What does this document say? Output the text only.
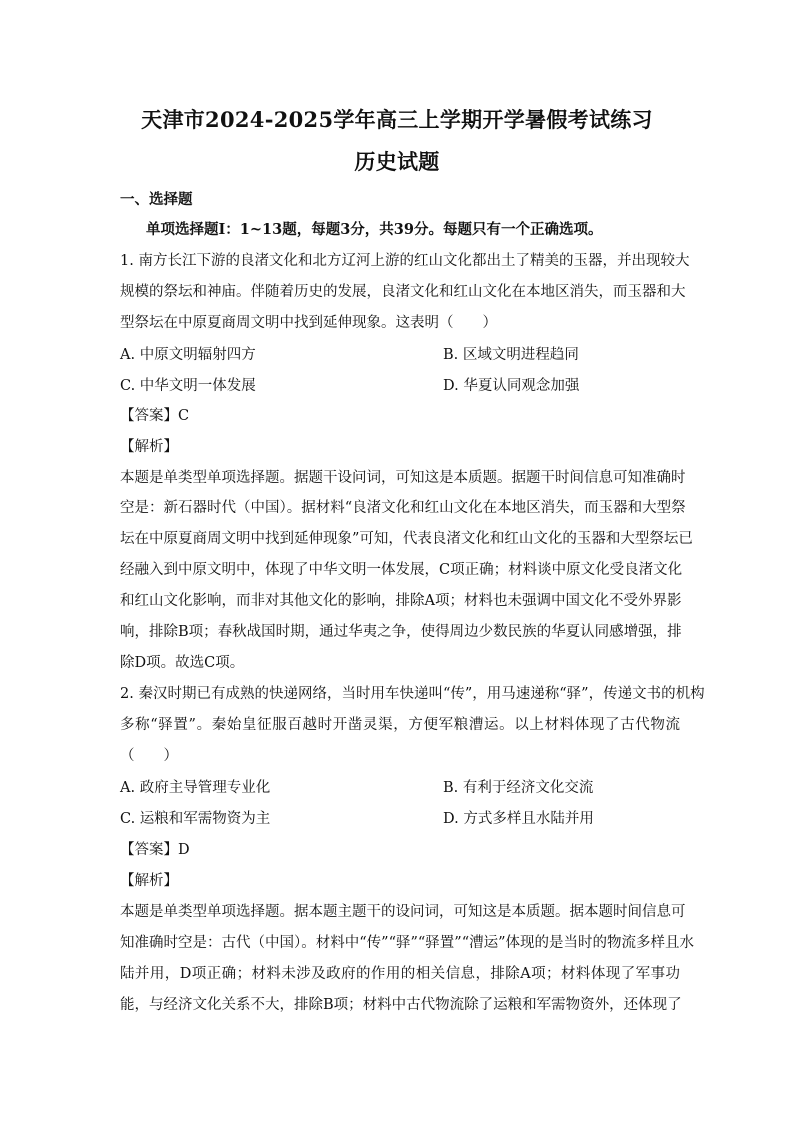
天津市2024-2025学年高三上学期开学暑假考试练习
历史试题
一、选择题
单项选择题Ⅰ：1~13题，每题3分，共39分。每题只有一个正确选项。
1. 南方长江下游的良渚文化和北方辽河上游的红山文化都出土了精美的玉器，并出现较大
规模的祭坛和神庙。伴随着历史的发展，良渚文化和红山文化在本地区消失，而玉器和大
型祭坛在中原夏商周文明中找到延伸现象。这表明（　　）
A. 中原文明辐射四方	B. 区域文明进程趋同
C. 中华文明一体发展	D. 华夏认同观念加强
【答案】C
【解析】
本题是单类型单项选择题。据题干设问词，可知这是本质题。据题干时间信息可知准确时
空是：新石器时代（中国）。据材料“良渚文化和红山文化在本地区消失，而玉器和大型祭
坛在中原夏商周文明中找到延伸现象”可知，代表良渚文化和红山文化的玉器和大型祭坛已
经融入到中原文明中，体现了中华文明一体发展，C项正确；材料谈中原文化受良渚文化
和红山文化影响，而非对其他文化的影响，排除A项；材料也未强调中国文化不受外界影
响，排除B项；春秋战国时期，通过华夷之争，使得周边少数民族的华夏认同感增强，排
除D项。故选C项。
2. 秦汉时期已有成熟的快递网络，当时用车快递叫“传”，用马速递称“驿”，传递文书的机构
多称“驿置”。秦始皇征服百越时开凿灵渠，方便军粮漕运。以上材料体现了古代物流
（　　）
A. 政府主导管理专业化	B. 有利于经济文化交流
C. 运粮和军需物资为主	D. 方式多样且水陆并用
【答案】D
【解析】
本题是单类型单项选择题。据本题主题干的设问词，可知这是本质题。据本题时间信息可
知准确时空是：古代（中国）。材料中“传”“驿”“驿置”“漕运”体现的是当时的物流多样且水
陆并用，D项正确；材料未涉及政府的作用的相关信息，排除A项；材料体现了军事功
能，与经济文化关系不大，排除B项；材料中古代物流除了运粮和军需物资外，还体现了
